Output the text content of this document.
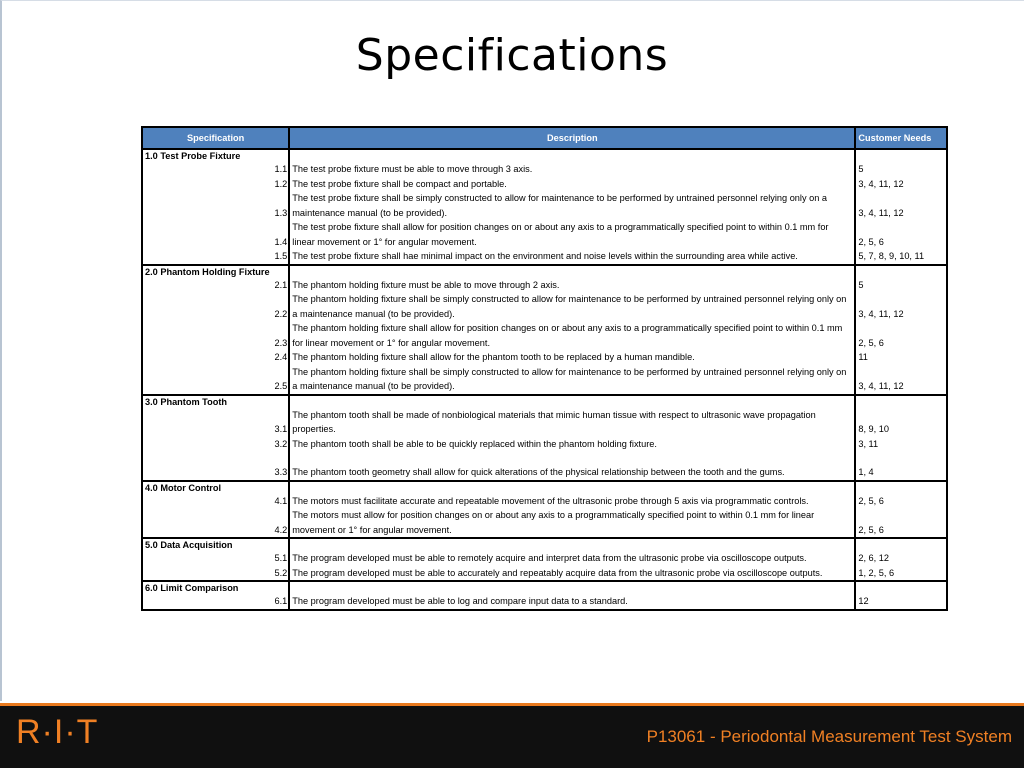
Specifications
Specification	Description	Customer Needs
1.0 Test Probe Fixture		
1.1	The test probe fixture must be able to move through 3 axis.	5
1.2	The test probe fixture shall be compact and portable.	3, 4, 11, 12
1.3	The test probe fixture shall be simply constructed to allow for maintenance to be performed by untrained personnel relying only on a maintenance manual (to be provided).	3, 4, 11, 12
1.4	The test probe fixture shall allow for position changes on or about any axis to a programmatically specified point to within 0.1 mm for linear movement or 1° for angular movement.	2, 5, 6
1.5	The test probe fixture shall hae minimal impact on the environment and noise levels within the surrounding area while active.	5, 7, 8, 9, 10, 11
2.0 Phantom Holding Fixture		
2.1	The phantom holding fixture must be able to move through 2 axis.	5
2.2	The phantom holding fixture shall be simply constructed to allow for maintenance to be performed by untrained personnel relying only on a maintenance manual (to be provided).	3, 4, 11, 12
2.3	The phantom holding fixture shall allow for position changes on or about any axis to a programmatically specified point to within 0.1 mm for linear movement or 1° for angular movement.	2, 5, 6
2.4	The phantom holding fixture shall allow for the phantom tooth to be replaced by a human mandible.	11
2.5	The phantom holding fixture shall be simply constructed to allow for maintenance to be performed by untrained personnel relying only on a maintenance manual (to be provided).	3, 4, 11, 12
3.0 Phantom Tooth		
3.1	The phantom tooth shall be made of nonbiological materials that mimic human tissue with respect to ultrasonic wave propagation properties.	8, 9, 10
3.2	The phantom tooth shall be able to be quickly replaced within the phantom holding fixture.	3, 11
3.3	The phantom tooth geometry shall allow for quick alterations of the physical relationship between the tooth and the gums.	1, 4
4.0 Motor Control		
4.1	The motors must facilitate accurate and repeatable movement of the ultrasonic probe through 5 axis via programmatic controls.	2, 5, 6
4.2	The motors must allow for position changes on or about any axis to a programmatically specified point to within 0.1 mm for linear movement or 1° for angular movement.	2, 5, 6
5.0 Data Acquisition		
5.1	The program developed must be able to remotely acquire and interpret data from the ultrasonic probe via oscilloscope outputs.	2, 6, 12
5.2	The program developed must be able to accurately and repeatably acquire data from the ultrasonic probe via oscilloscope outputs.	1, 2, 5, 6
6.0 Limit Comparison		
6.1	The program developed must be able to log and compare input data to a standard.	12
R·I·T	P13061 - Periodontal Measurement Test System
